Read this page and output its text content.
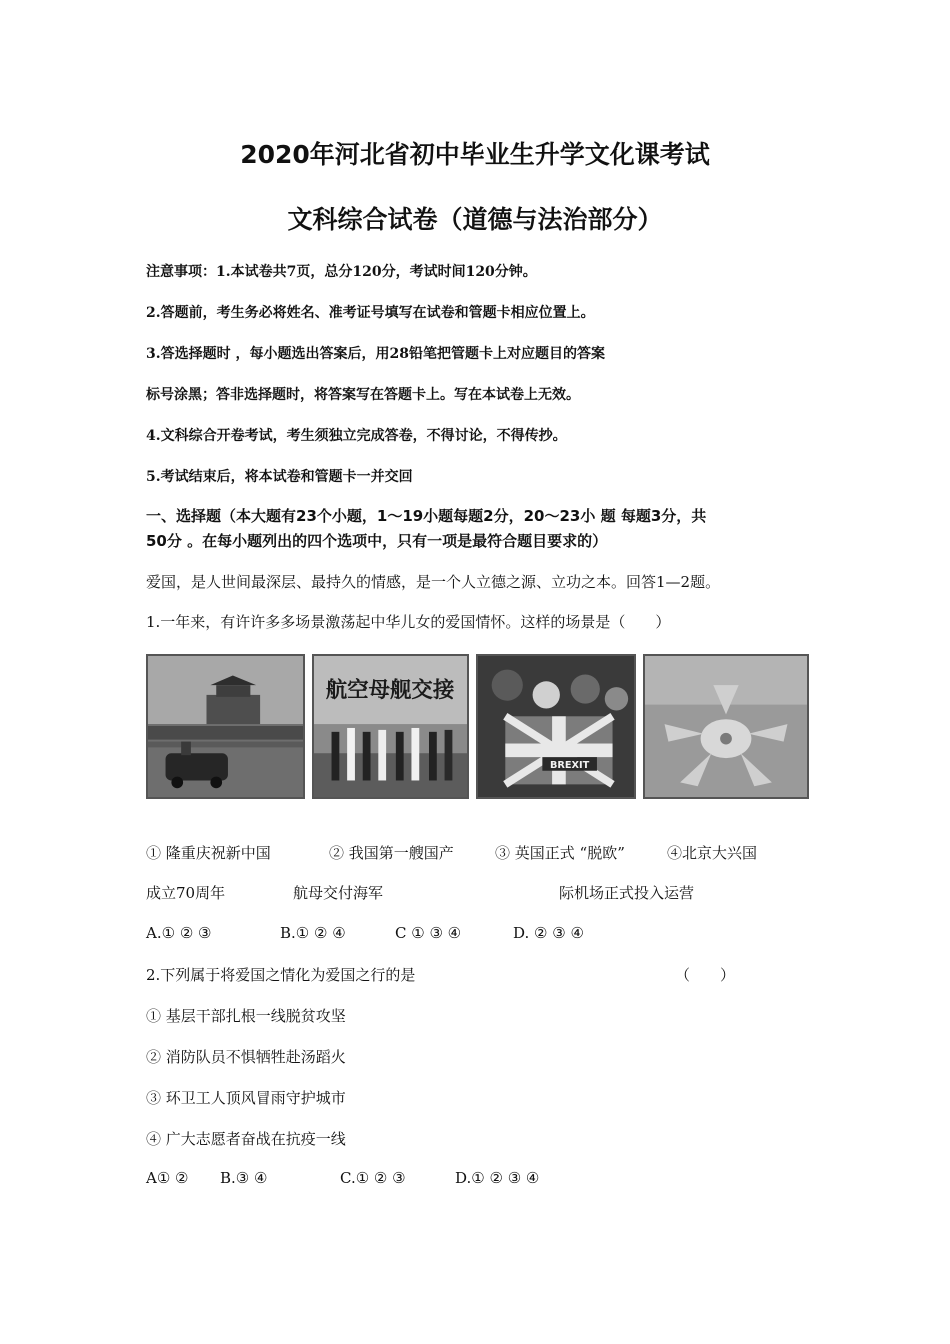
2020年河北省初中毕业生升学文化课考试
文科综合试卷（道德与法治部分）
注意事项：1.本试卷共7页，总分120分，考试时间120分钟。
2.答题前，考生务必将姓名、准考证号填写在试卷和管题卡相应位置上。
3.答选择题时 ，每小题选出答案后，用28铅笔把管题卡上对应题目的答案
标号涂黑；答非选择题时，将答案写在答题卡上。写在本试卷上无效。
4.文科综合开卷考试，考生须独立完成答卷，不得讨论，不得传抄。
5.考试结束后，将本试卷和管题卡一并交回
一、选择题（本大题有23个小题，1～19小题每题2分，20～23小 题 每题3分，共
50分 。在每小题列出的四个选项中，只有一项是最符合题目要求的）
爱国，是人世间最深层、最持久的情感，是一个人立德之源、立功之本。回答1—2题。
1.一年来，有许许多多场景激荡起中华儿女的爱国情怀。这样的场景是（　　）
航空母舰交接
BREXIT
① 隆重庆祝新中国	② 我国第一艘国产	③ 英国正式 “脱欧”	④北京大兴国
成立70周年	航母交付海军	际机场正式投入运营
A.① ② ③	B.① ② ④	C ① ③ ④	D. ② ③ ④
2.下列属于将爱国之情化为爱国之行的是	（　　）
① 基层干部扎根一线脱贫攻坚
② 消防队员不惧牺牲赴汤蹈火
③ 环卫工人顶风冒雨守护城市
④ 广大志愿者奋战在抗疫一线
A① ② B.③ ④	C.① ② ③	D.① ② ③ ④
